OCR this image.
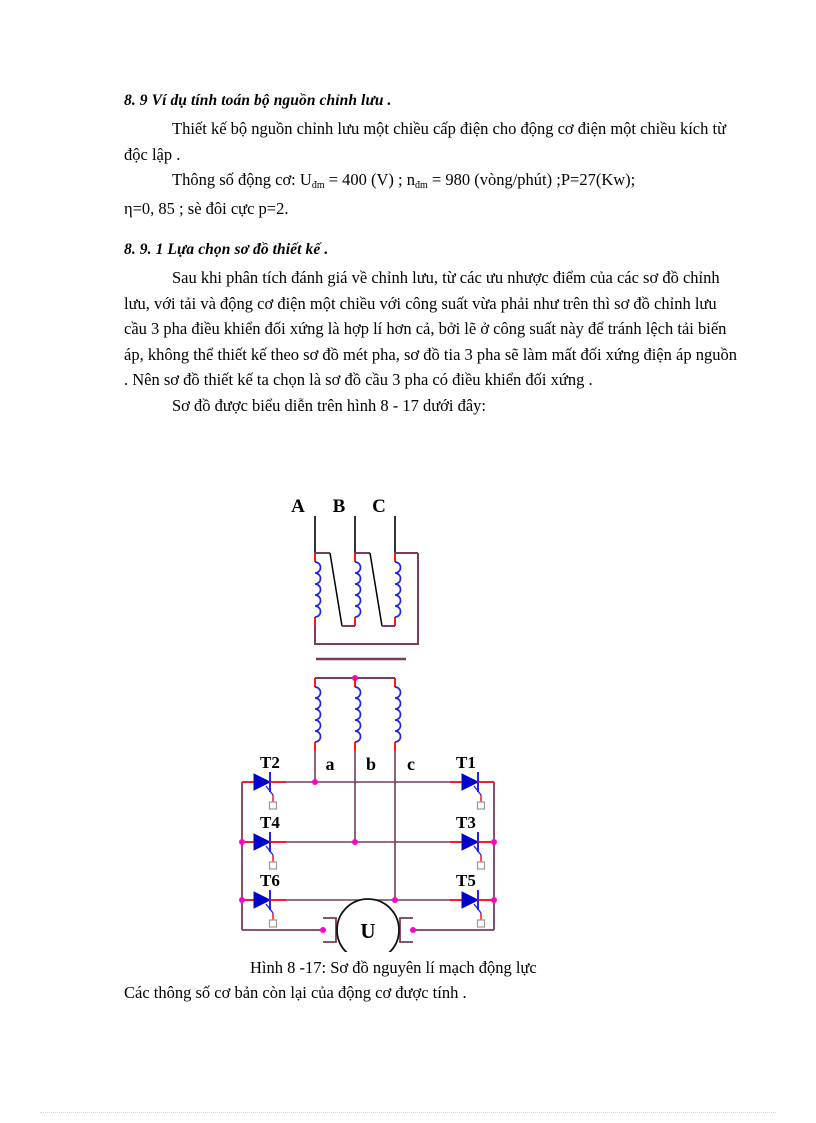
8. 9 Ví dụ tính toán bộ nguồn chỉnh lưu .

Thiết kế bộ nguồn chỉnh lưu một chiều cấp điện cho động cơ điện một chiều kích từ độc lập .

Thông số động cơ: $U_{đm} = 400$ (V) ; $n_{đm} = 980$ (vòng/phút) ;P=27(Kw);

η=0, 85 ; sè đôi cực p=2.

8. 9. 1 Lựa chọn sơ đồ thiết kế .

Sau khi phân tích đánh giá về chỉnh lưu, từ các ưu nhược điểm của các sơ đồ chỉnh lưu, với tải và động cơ điện một chiều với công suất vừa phải như trên thì sơ đồ chỉnh lưu cầu 3 pha điều khiển đối xứng là hợp lí hơn cả, bởi lẽ ở công suất này để tránh lệch tải biến áp, không thể thiết kế theo sơ đồ mét pha, sơ đồ tia 3 pha sẽ làm mất đối xứng điện áp nguồn . Nên sơ đồ thiết kế ta chọn là sơ đồ cầu 3 pha có điều khiển đối xứng .

Sơ đồ được biểu diễn trên hình 8 - 17 dưới đây:

A B C
a b c
T2	T1
T4	T3
T6	T5
U
Hình 8 -17: Sơ đồ nguyên lí mạch động lực
Các thông số cơ bản còn lại của động cơ được tính .
